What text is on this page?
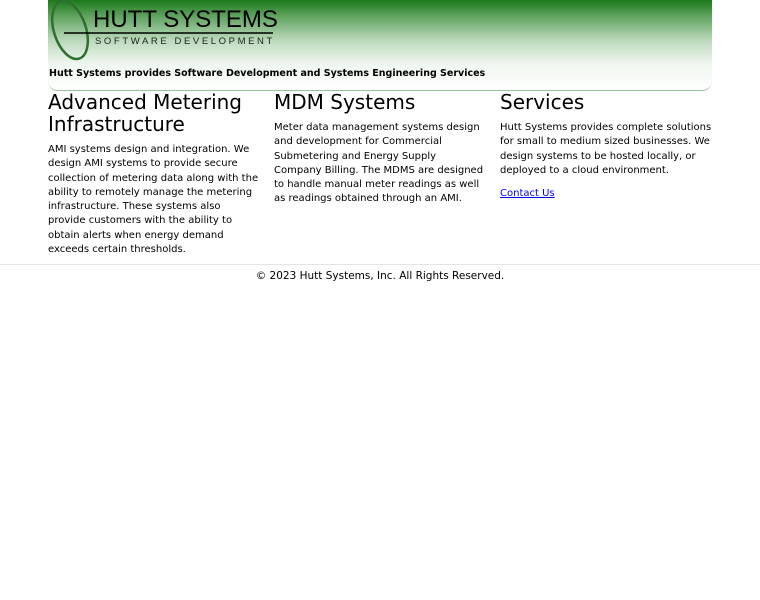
HUTT SYSTEMS
SOFTWARE DEVELOPMENT
Hutt Systems provides Software Development and Systems Engineering Services
Advanced Metering Infrastructure

AMI systems design and integration. We design AMI systems to provide secure collection of metering data along with the ability to remotely manage the metering infrastructure. These systems also provide customers with the ability to obtain alerts when energy demand exceeds certain thresholds.

MDM Systems

Meter data management systems design and development for Commercial Submetering and Energy Supply Company Billing. The MDMS are designed to handle manual meter readings as well as readings obtained through an AMI.

Services

Hutt Systems provides complete solutions for small to medium sized businesses. We design systems to be hosted locally, or deployed to a cloud environment.

Contact Us
© 2023 Hutt Systems, Inc. All Rights Reserved.
